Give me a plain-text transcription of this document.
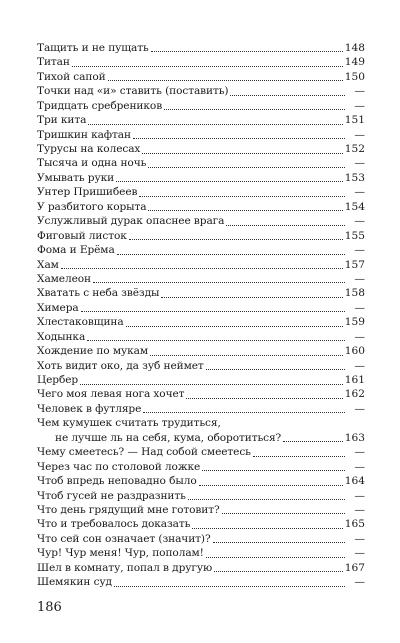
Тащить и не пущать	148
Титан	149
Тихой сапой	150
Точки над «и» ставить (поставить)	—
Тридцать сребреников	—
Три кита	151
Тришкин кафтан	—
Турусы на колесах	152
Тысяча и одна ночь	—
Умывать руки	153
Унтер Пришибеев	—
У разбитого корыта	154
Услужливый дурак опаснее врага	—
Фиговый листок	155
Фома и Ерёма	—
Хам	157
Хамелеон	—
Хватать с неба звёзды	158
Химера	—
Хлестаковщина	159
Ходынка	—
Хождение по мукам	160
Хоть видит око, да зуб неймет	—
Цербер	161
Чего моя левая нога хочет	162
Человек в футляре	—
Чем кумушек считать трудиться,
не лучше ль на себя, кума, оборотиться?	163
Чему смеетесь? — Над собой смеетесь	—
Через час по столовой ложке	—
Чтоб впредь неповадно было	164
Чтоб гусей не раздразнить	—
Что день грядущий мне готовит?	—
Что и требовалось доказать	165
Что сей сон означает (значит)?	—
Чур! Чур меня! Чур, пополам!	—
Шел в комнату, попал в другую	167
Шемякин суд	—
186
